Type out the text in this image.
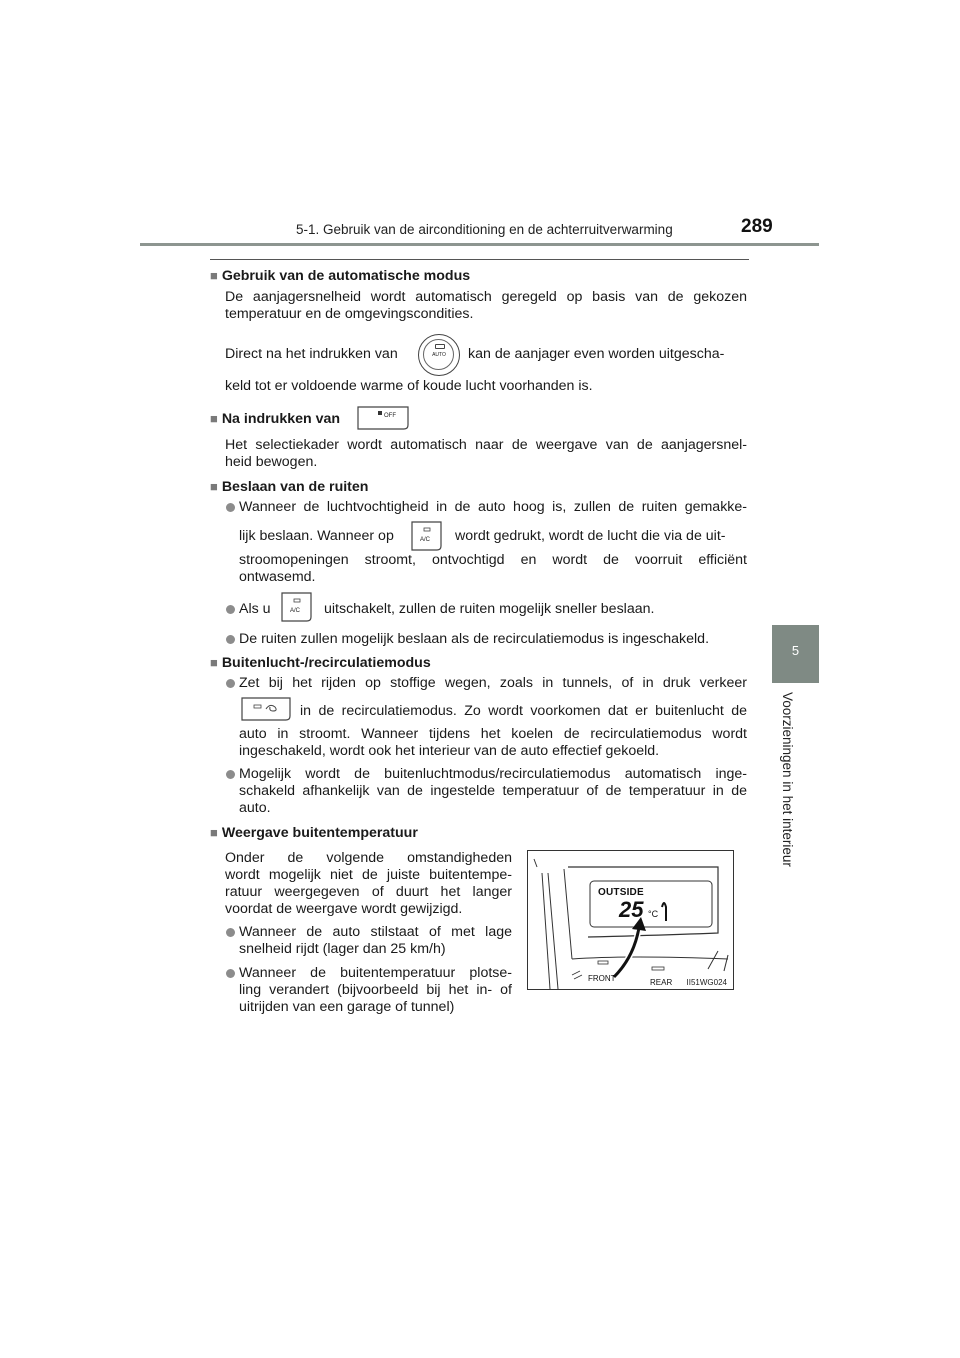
5-1. Gebruik van de airconditioning en de achterruitverwarming	289
5
Voorzieningen in het interieur
■ Gebruik van de automatische modus
De aanjagersnelheid wordt automatisch geregeld op basis van de gekozen
temperatuur en de omgevingscondities.
Direct na het indrukken van	AUTO	kan de aanjager even worden uitgescha-
keld tot er voldoende warme of koude lucht voorhanden is.
■ Na indrukken van	OFF
Het selectiekader wordt automatisch naar de weergave van de aanjagersnel-
heid bewogen.
■ Beslaan van de ruiten
Wanneer de luchtvochtigheid in de auto hoog is, zullen de ruiten gemakke-
lijk beslaan. Wanneer op	A/C wordt gedrukt, wordt de lucht die via de uit-
stroomopeningen stroomt, ontvochtigd en wordt de voorruit efficiënt
ontwasemd.
Als u	A/C uitschakelt, zullen de ruiten mogelijk sneller beslaan.
De ruiten zullen mogelijk beslaan als de recirculatiemodus is ingeschakeld.
■ Buitenlucht-/recirculatiemodus
Zet bij het rijden op stoffige wegen, zoals in tunnels, of in druk verkeer
in de recirculatiemodus. Zo wordt voorkomen dat er buitenlucht de
auto in stroomt. Wanneer tijdens het koelen de recirculatiemodus wordt
ingeschakeld, wordt ook het interieur van de auto effectief gekoeld.
Mogelijk wordt de buitenluchtmodus/recirculatiemodus automatisch inge-
schakeld afhankelijk van de ingestelde temperatuur of de temperatuur in de
auto.
■ Weergave buitentemperatuur
Onder de volgende omstandigheden
wordt mogelijk niet de juiste buitentempe-
ratuur weergegeven of duurt het langer
voordat de weergave wordt gewijzigd.
Wanneer de auto stilstaat of met lage
snelheid rijdt (lager dan 25 km/h)
Wanneer de buitentemperatuur plotse-
ling verandert (bijvoorbeeld bij het in- of
uitrijden van een garage of tunnel)
OUTSIDE
25 °C
FRONT	REAR II51WG024
